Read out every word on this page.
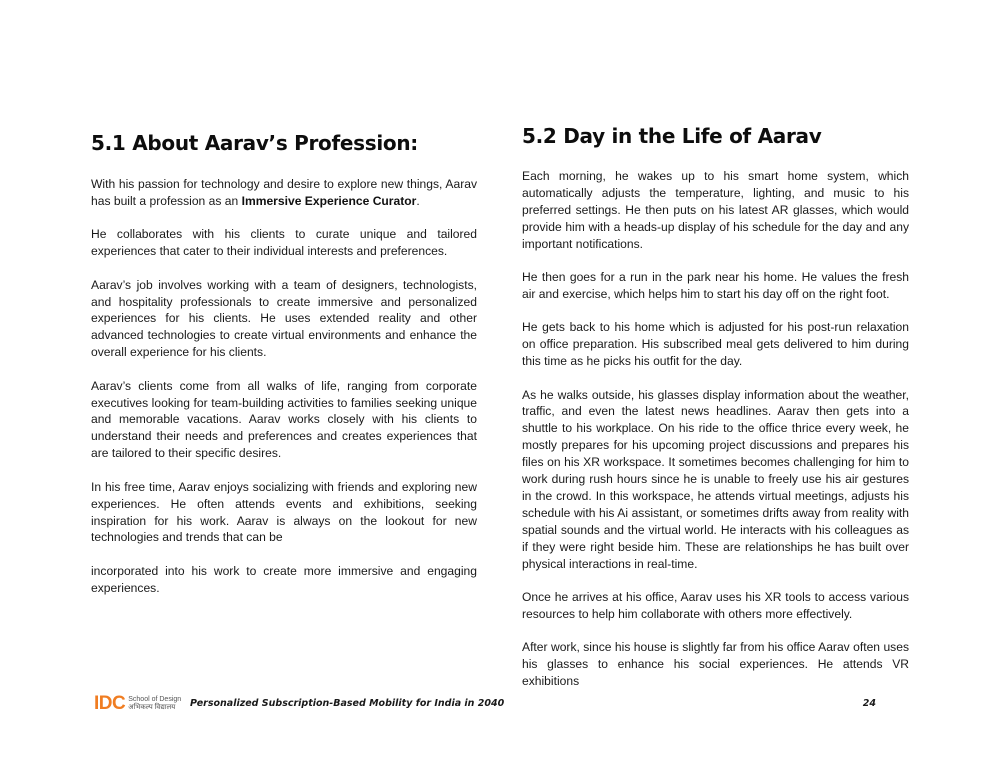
5.1 About Aarav’s Profession:

With his passion for technology and desire to explore new things, Aarav has built a profession as an Immersive Experience Curator.

He collaborates with his clients to curate unique and tailored experiences that cater to their individual interests and preferences.

Aarav’s job involves working with a team of designers, technologists, and hospitality professionals to create immersive and personalized experiences for his clients. He uses extended reality and other advanced technologies to create virtual environments and enhance the overall experience for his clients.

Aarav’s clients come from all walks of life, ranging from corporate executives looking for team-building activities to families seeking unique and memorable vacations. Aarav works closely with his clients to understand their needs and preferences and creates experiences that are tailored to their specific desires.

In his free time, Aarav enjoys socializing with friends and exploring new experiences. He often attends events and exhibitions, seeking inspiration for his work. Aarav is always on the lookout for new technologies and trends that can be

incorporated into his work to create more immersive and engaging experiences.

5.2 Day in the Life of Aarav

Each morning, he wakes up to his smart home system, which automatically adjusts the temperature, lighting, and music to his preferred settings. He then puts on his latest AR glasses, which would provide him with a heads-up display of his schedule for the day and any important notifications.

He then goes for a run in the park near his home. He values the fresh air and exercise, which helps him to start his day off on the right foot.

He gets back to his home which is adjusted for his post-run relaxation on office preparation. His subscribed meal gets delivered to him during this time as he picks his outfit for the day.

As he walks outside, his glasses display information about the weather, traffic, and even the latest news headlines. Aarav then gets into a shuttle to his workplace. On his ride to the office thrice every week, he mostly prepares for his upcoming project discussions and prepares his files on his XR workspace. It sometimes becomes challenging for him to work during rush hours since he is unable to freely use his air gestures in the crowd. In this workspace, he attends virtual meetings, adjusts his schedule with his Ai assistant, or sometimes drifts away from reality with spatial sounds and the virtual world. He interacts with his colleagues as if they were right beside him. These are relationships he has built over physical interactions in real-time.

Once he arrives at his office, Aarav uses his XR tools to access various resources to help him collaborate with others more effectively.

After work, since his house is slightly far from his office Aarav often uses his glasses to enhance his social experiences. He attends VR exhibitions

IDC School of Design
अभिकल्प विद्यालय	Personalized Subscription-Based Mobility for India in 2040	24
